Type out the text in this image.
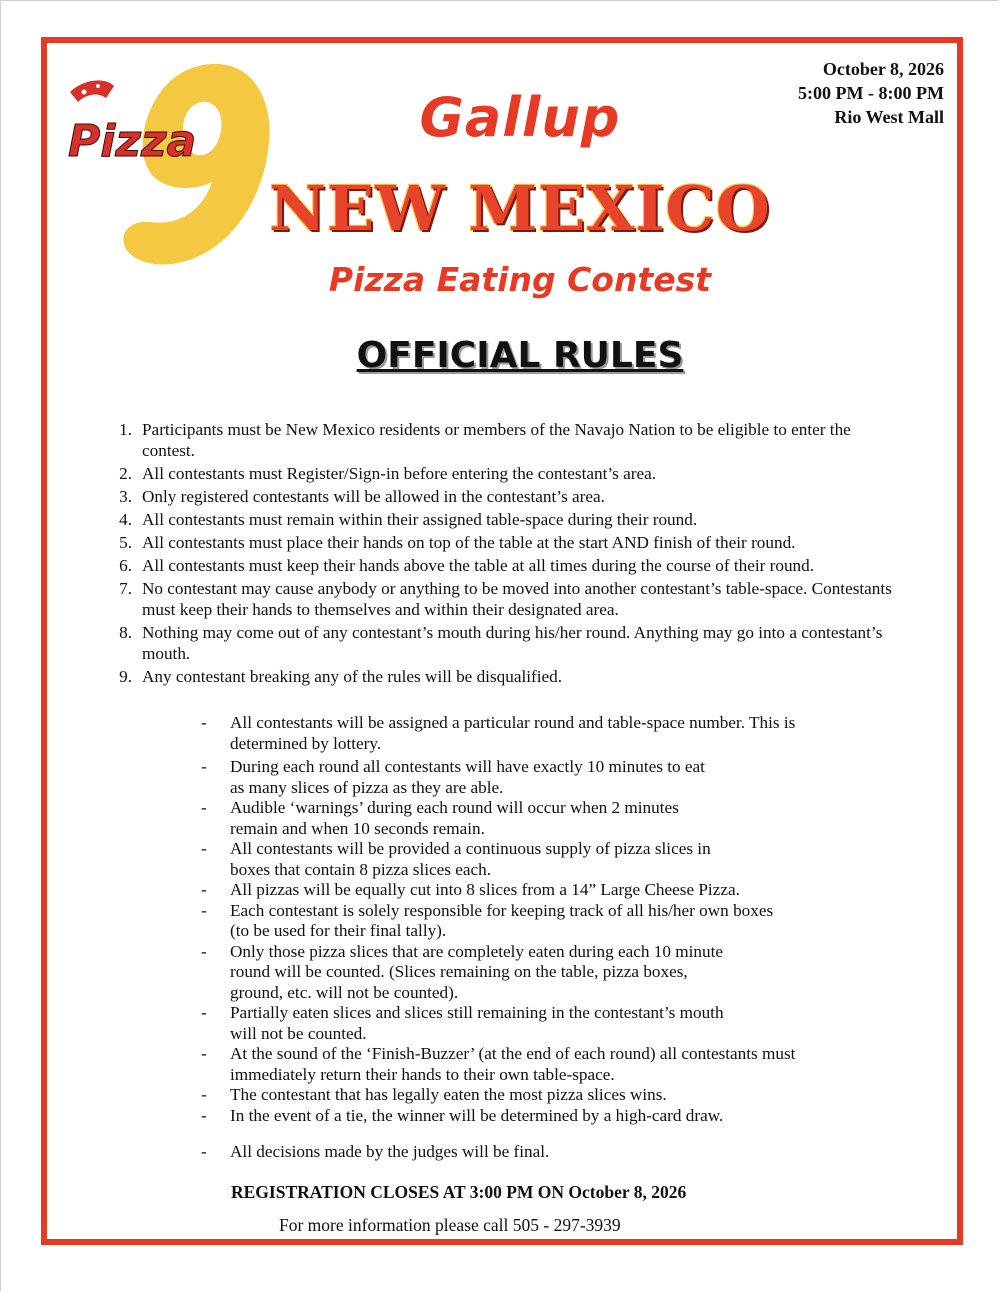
Pizza
October 8, 2026
5:00 PM - 8:00 PM
Rio West Mall
Gallup
NEW MEXICO
Pizza Eating Contest
OFFICIAL RULES
1. Participants must be New Mexico residents or members of the Navajo Nation to be eligible to enter the contest.
2. All contestants must Register/Sign-in before entering the contestant’s area.
3. Only registered contestants will be allowed in the contestant’s area.
4. All contestants must remain within their assigned table-space during their round.
5. All contestants must place their hands on top of the table at the start AND finish of their round.
6. All contestants must keep their hands above the table at all times during the course of their round.
7. No contestant may cause anybody or anything to be moved into another contestant’s table-space. Contestants must keep their hands to themselves and within their designated area.
8. Nothing may come out of any contestant’s mouth during his/her round. Anything may go into a contestant’s mouth.
9. Any contestant breaking any of the rules will be disqualified.
- All contestants will be assigned a particular round and table-space number. This is
determined by lottery.
- During each round all contestants will have exactly 10 minutes to eat
as many slices of pizza as they are able.
- Audible ‘warnings’ during each round will occur when 2 minutes
remain and when 10 seconds remain.
- All contestants will be provided a continuous supply of pizza slices in
boxes that contain 8 pizza slices each.
- All pizzas will be equally cut into 8 slices from a 14” Large Cheese Pizza.
- Each contestant is solely responsible for keeping track of all his/her own boxes
(to be used for their final tally).
- Only those pizza slices that are completely eaten during each 10 minute
round will be counted. (Slices remaining on the table, pizza boxes,
ground, etc. will not be counted).
- Partially eaten slices and slices still remaining in the contestant’s mouth
will not be counted.
- At the sound of the ‘Finish-Buzzer’ (at the end of each round) all contestants must
immediately return their hands to their own table-space.
- The contestant that has legally eaten the most pizza slices wins.
- In the event of a tie, the winner will be determined by a high-card draw.
- All decisions made by the judges will be final.
REGISTRATION CLOSES AT 3:00 PM ON October 8, 2026
For more information please call 505 - 297-3939
